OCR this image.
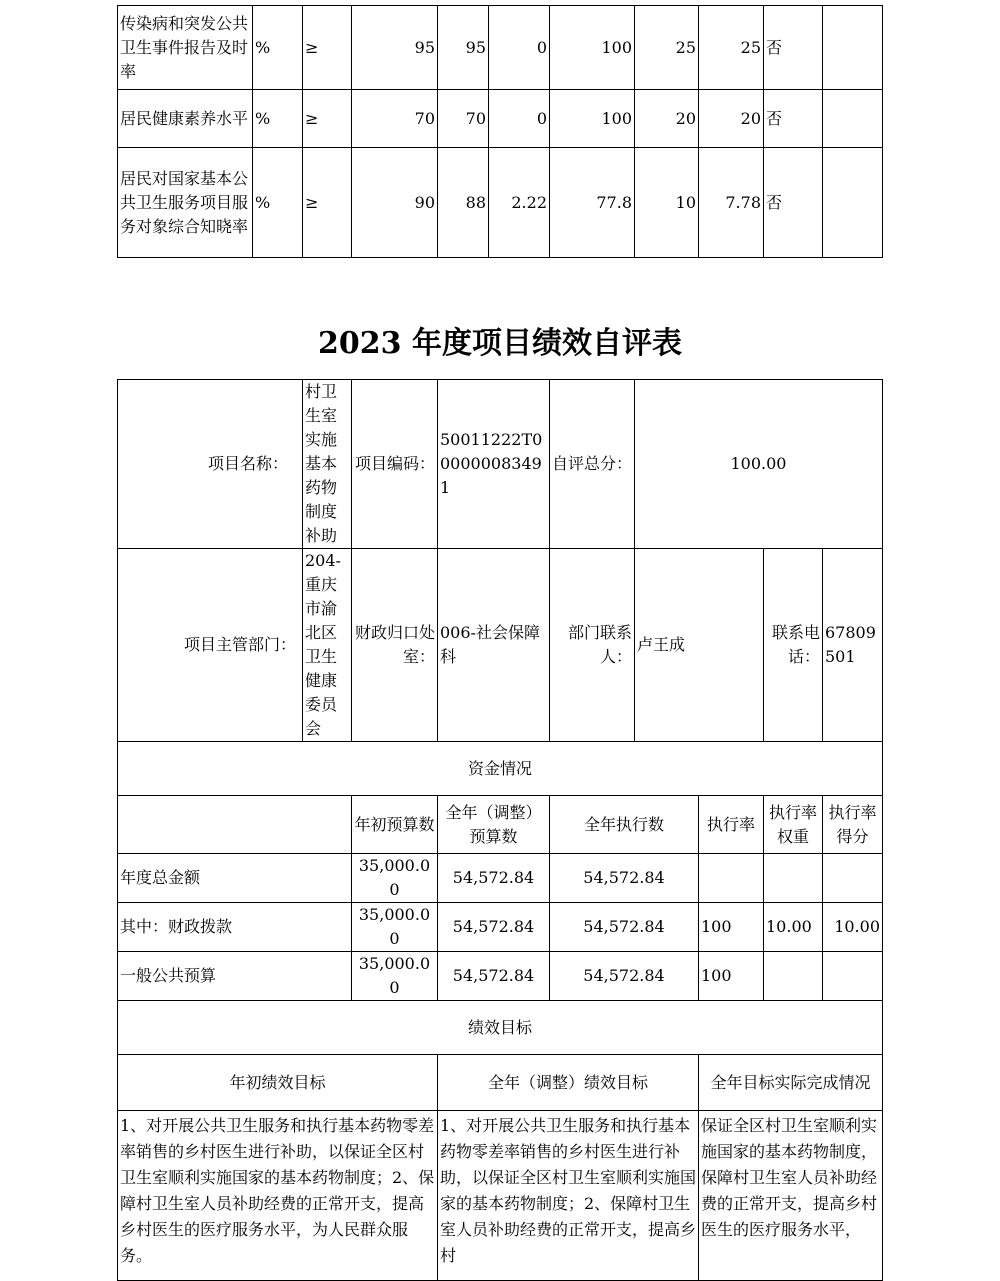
传染病和突发公共卫生事件报告及时率	%	≥	95	95	0	100	25	25	否	
居民健康素养水平	%	≥	70	70	0	100	20	20	否	
居民对国家基本公共卫生服务项目服务对象综合知晓率	%	≥	90	88	2.22	77.8	10	7.78	否	
2023 年度项目绩效自评表
项目名称：	村卫生室实施基本药物制度补助	项目编码：	50011222T000000083491	自评总分：	100.00			
项目主管部门：	204-重庆市渝北区卫生健康委员会	财政归口处室：	006-社会保障科	部门联系人：	卢王成		联系电话：	67809501
资金情况								
		年初预算数	全年（调整）预算数	全年执行数		执行率	执行率权重	执行率得分
年度总金额		35,000.00	54,572.84	54,572.84				
其中：财政拨款		35,000.00	54,572.84	54,572.84		100	10.00	10.00
一般公共预算		35,000.00	54,572.84	54,572.84		100		
绩效目标								
年初绩效目标			全年（调整）绩效目标			全年目标实际完成情况		
1、对开展公共卫生服务和执行基本药物零差率销售的乡村医生进行补助，以保证全区村卫生室顺利实施国家的基本药物制度；2、保障村卫生室人员补助经费的正常开支，提高乡村医生的医疗服务水平，为人民群众服务。			1、对开展公共卫生服务和执行基本药物零差率销售的乡村医生进行补助，以保证全区村卫生室顺利实施国家的基本药物制度；2、保障村卫生室人员补助经费的正常开支，提高乡村			保证全区村卫生室顺利实施国家的基本药物制度，保障村卫生室人员补助经费的正常开支，提高乡村医生的医疗服务水平，		
